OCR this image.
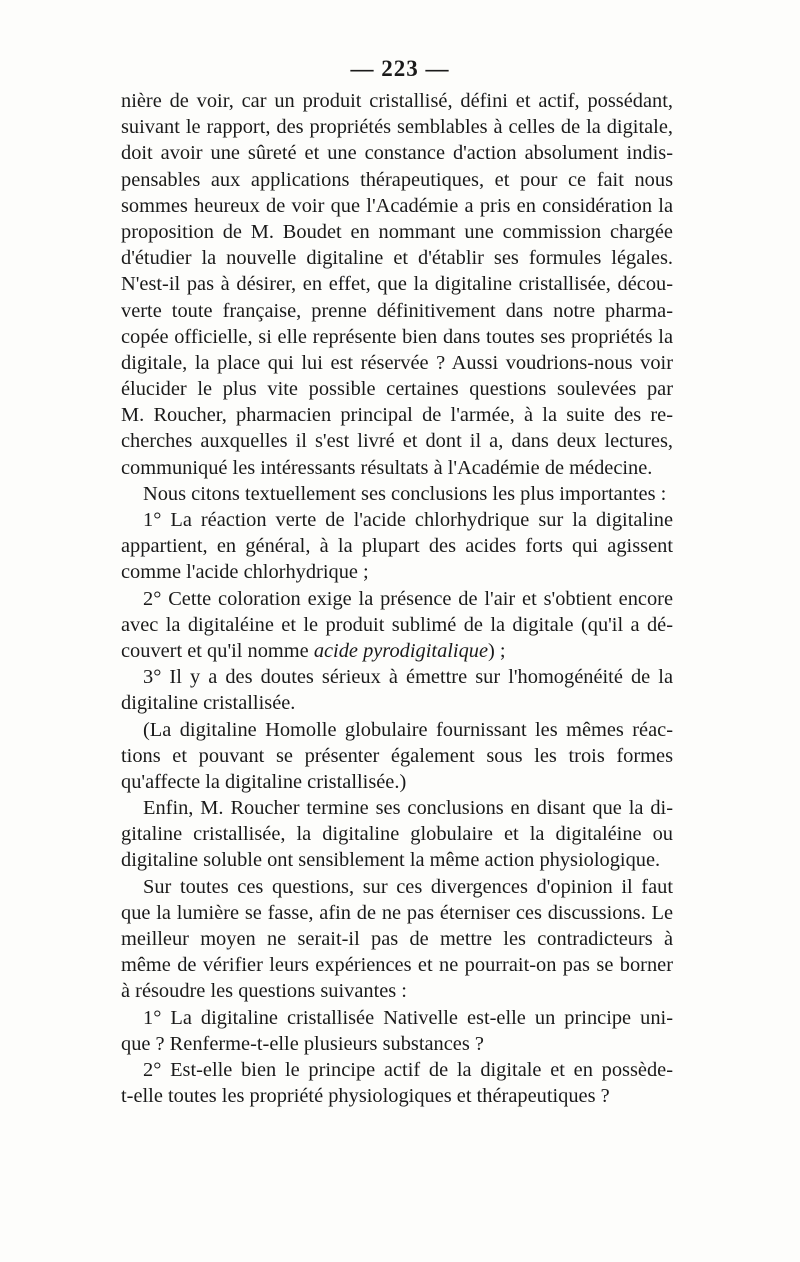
— 223 —
nière de voir, car un produit cristallisé, défini et actif, possédant,
suivant le rapport, des propriétés semblables à celles de la digitale,
doit avoir une sûreté et une constance d'action absolument indis-
pensables aux applications thérapeutiques, et pour ce fait nous
sommes heureux de voir que l'Académie a pris en considération la
proposition de M. Boudet en nommant une commission chargée
d'étudier la nouvelle digitaline et d'établir ses formules légales.
N'est-il pas à désirer, en effet, que la digitaline cristallisée, décou-
verte toute française, prenne définitivement dans notre pharma-
copée officielle, si elle représente bien dans toutes ses propriétés la
digitale, la place qui lui est réservée ? Aussi voudrions-nous voir
élucider le plus vite possible certaines questions soulevées par
M. Roucher, pharmacien principal de l'armée, à la suite des re-
cherches auxquelles il s'est livré et dont il a, dans deux lectures,
communiqué les intéressants résultats à l'Académie de médecine.
Nous citons textuellement ses conclusions les plus importantes :
1° La réaction verte de l'acide chlorhydrique sur la digitaline
appartient, en général, à la plupart des acides forts qui agissent
comme l'acide chlorhydrique ;
2° Cette coloration exige la présence de l'air et s'obtient encore
avec la digitaléine et le produit sublimé de la digitale (qu'il a dé-
couvert et qu'il nomme acide pyrodigitalique) ;
3° Il y a des doutes sérieux à émettre sur l'homogénéité de la
digitaline cristallisée.
(La digitaline Homolle globulaire fournissant les mêmes réac-
tions et pouvant se présenter également sous les trois formes
qu'affecte la digitaline cristallisée.)
Enfin, M. Roucher termine ses conclusions en disant que la di-
gitaline cristallisée, la digitaline globulaire et la digitaléine ou
digitaline soluble ont sensiblement la même action physiologique.
Sur toutes ces questions, sur ces divergences d'opinion il faut
que la lumière se fasse, afin de ne pas éterniser ces discussions. Le
meilleur moyen ne serait-il pas de mettre les contradicteurs à
même de vérifier leurs expériences et ne pourrait-on pas se borner
à résoudre les questions suivantes :
1° La digitaline cristallisée Nativelle est-elle un principe uni-
que ? Renferme-t-elle plusieurs substances ?
2° Est-elle bien le principe actif de la digitale et en possède-
t-elle toutes les propriété physiologiques et thérapeutiques ?
